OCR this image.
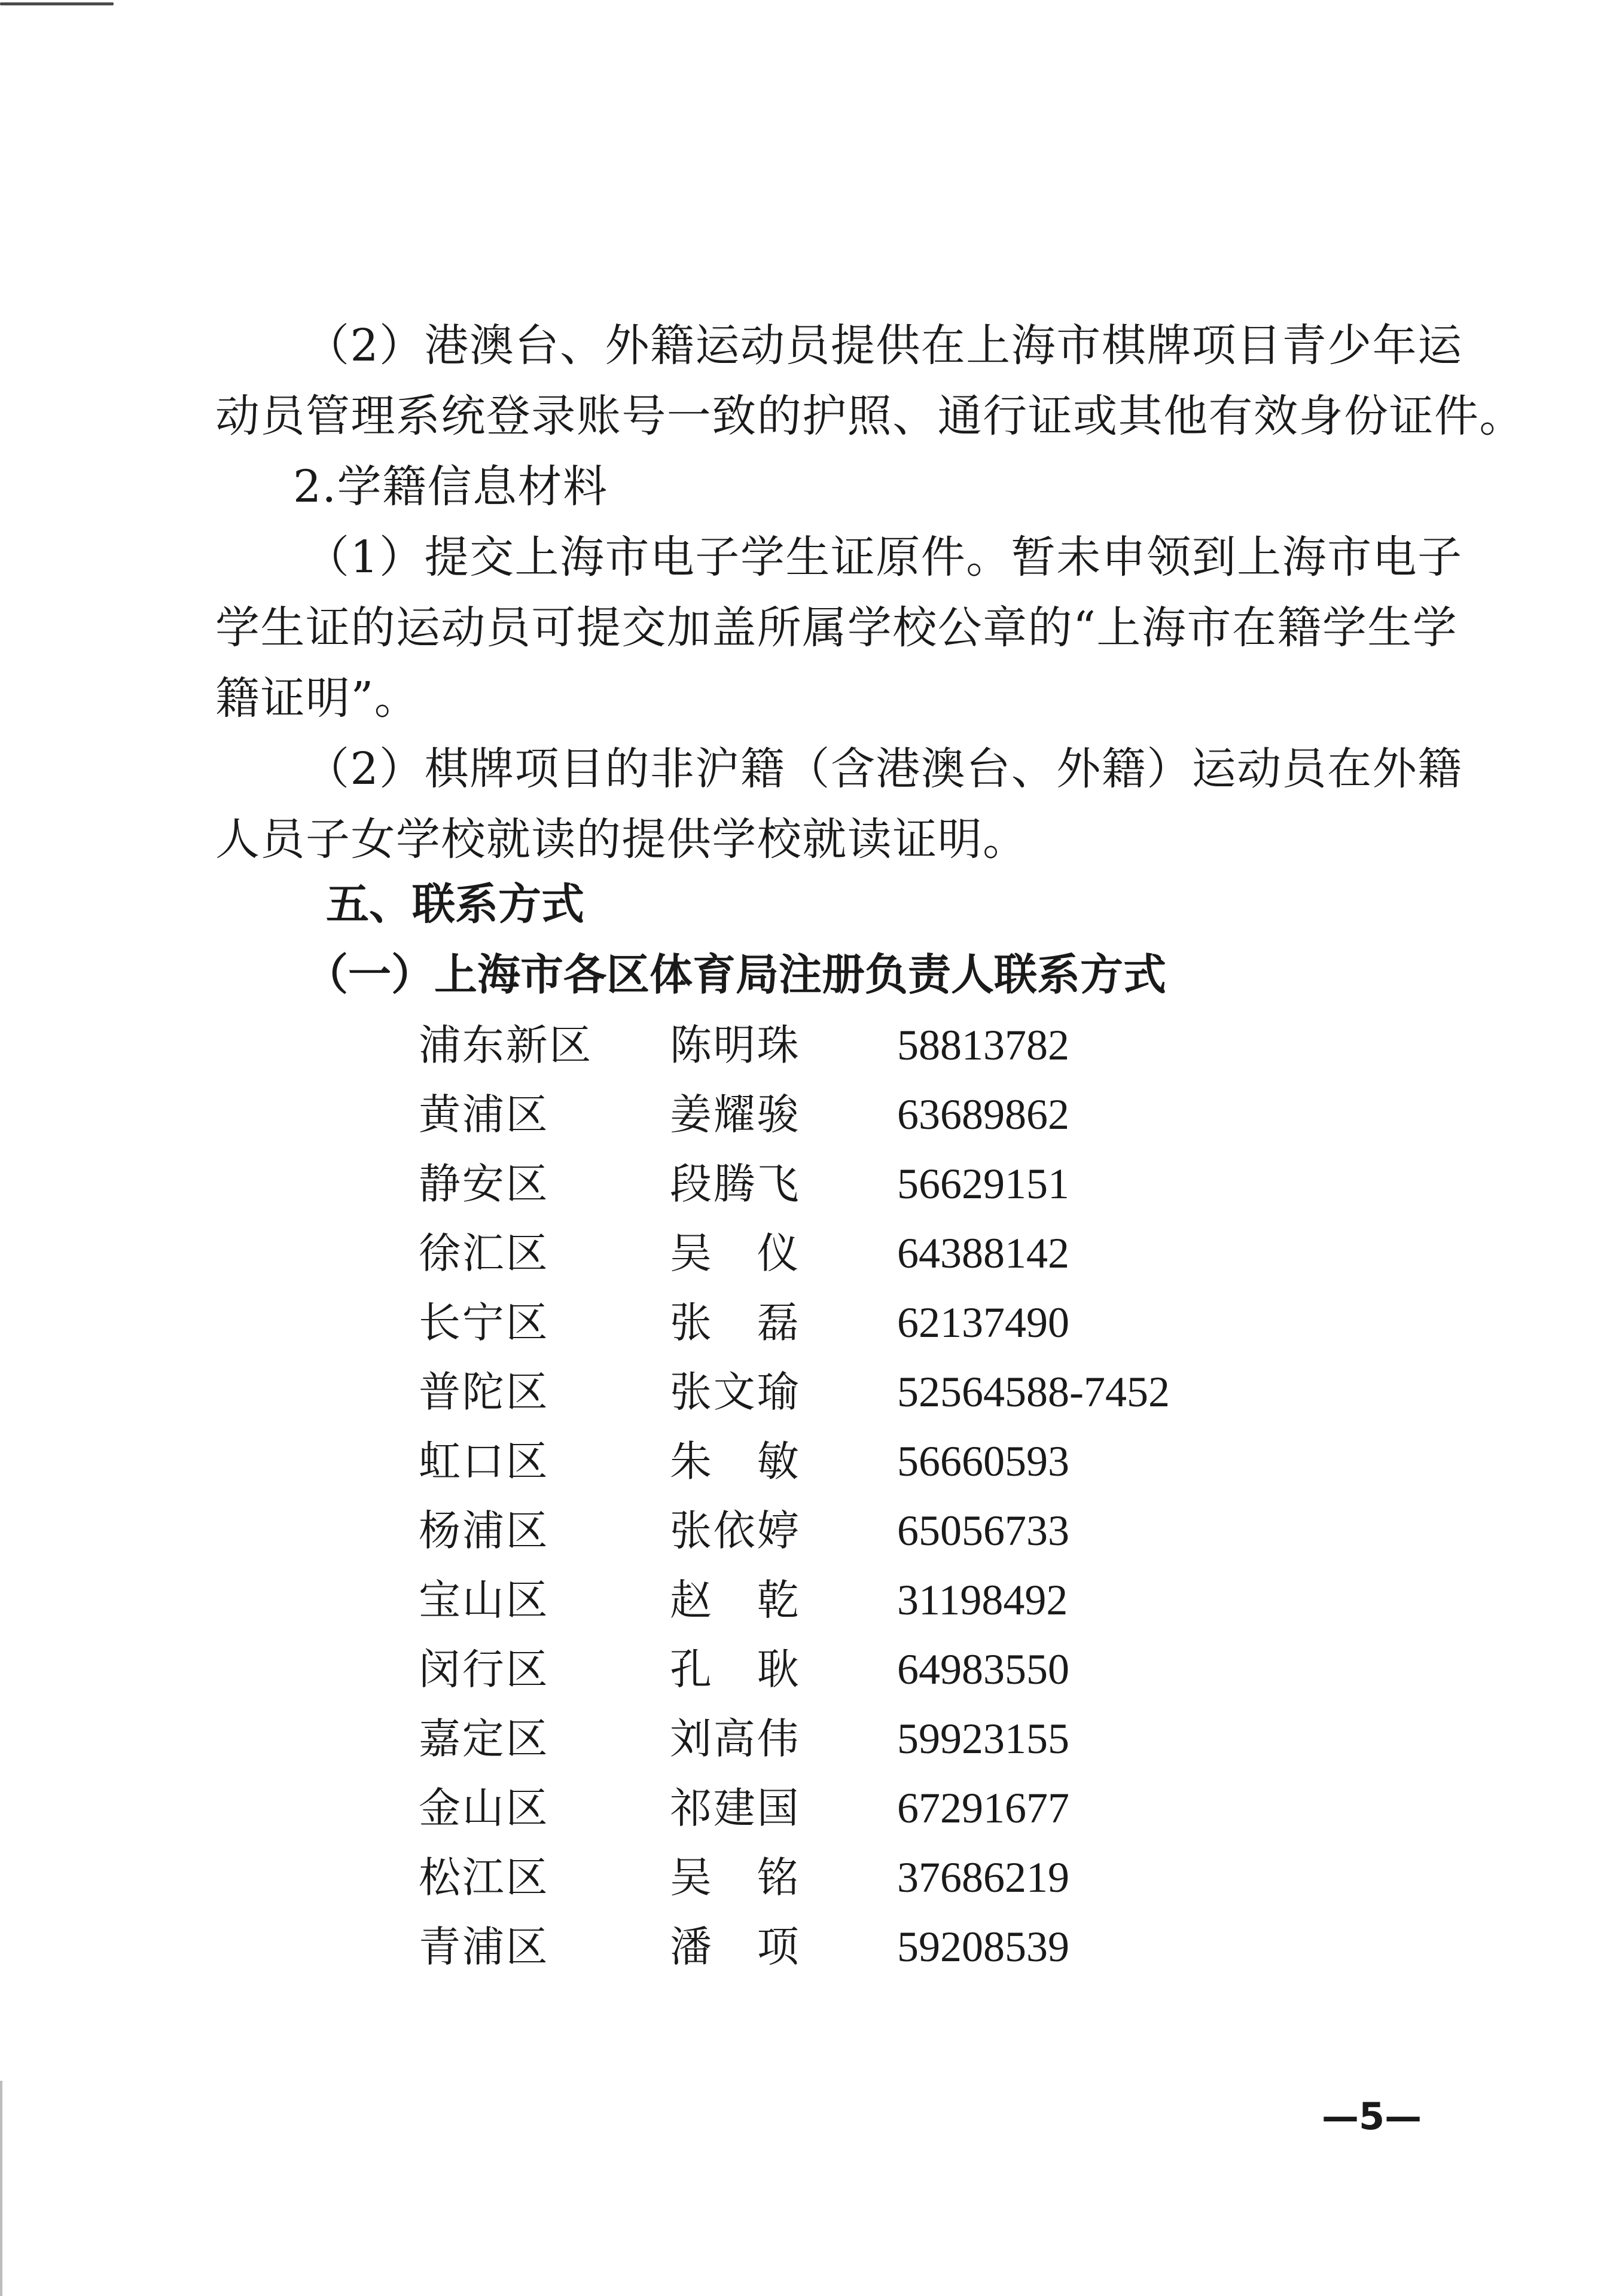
（2）港澳台、外籍运动员提供在上海市棋牌项目青少年运

动员管理系统登录账号一致的护照、通行证或其他有效身份证件。

2.学籍信息材料

（1）提交上海市电子学生证原件。暂未申领到上海市电子

学生证的运动员可提交加盖所属学校公章的“上海市在籍学生学

籍证明”。

（2）棋牌项目的非沪籍（含港澳台、外籍）运动员在外籍

人员子女学校就读的提供学校就读证明。

五、联系方式
（一）上海市各区体育局注册负责人联系方式
浦东新区 陈明珠 58813782
黄浦区	姜耀骏 63689862
静安区	段腾飞 56629151
徐汇区	吴　仪 64388142
长宁区	张　磊 62137490
普陀区	张文瑜 52564588-7452
虹口区	朱　敏 56660593
杨浦区	张依婷 65056733
宝山区	赵　乾 31198492
闵行区	孔　耿 64983550
嘉定区	刘高伟 59923155
金山区	祁建国 67291677
松江区	吴　铭 37686219
青浦区	潘　项 59208539
—5—
